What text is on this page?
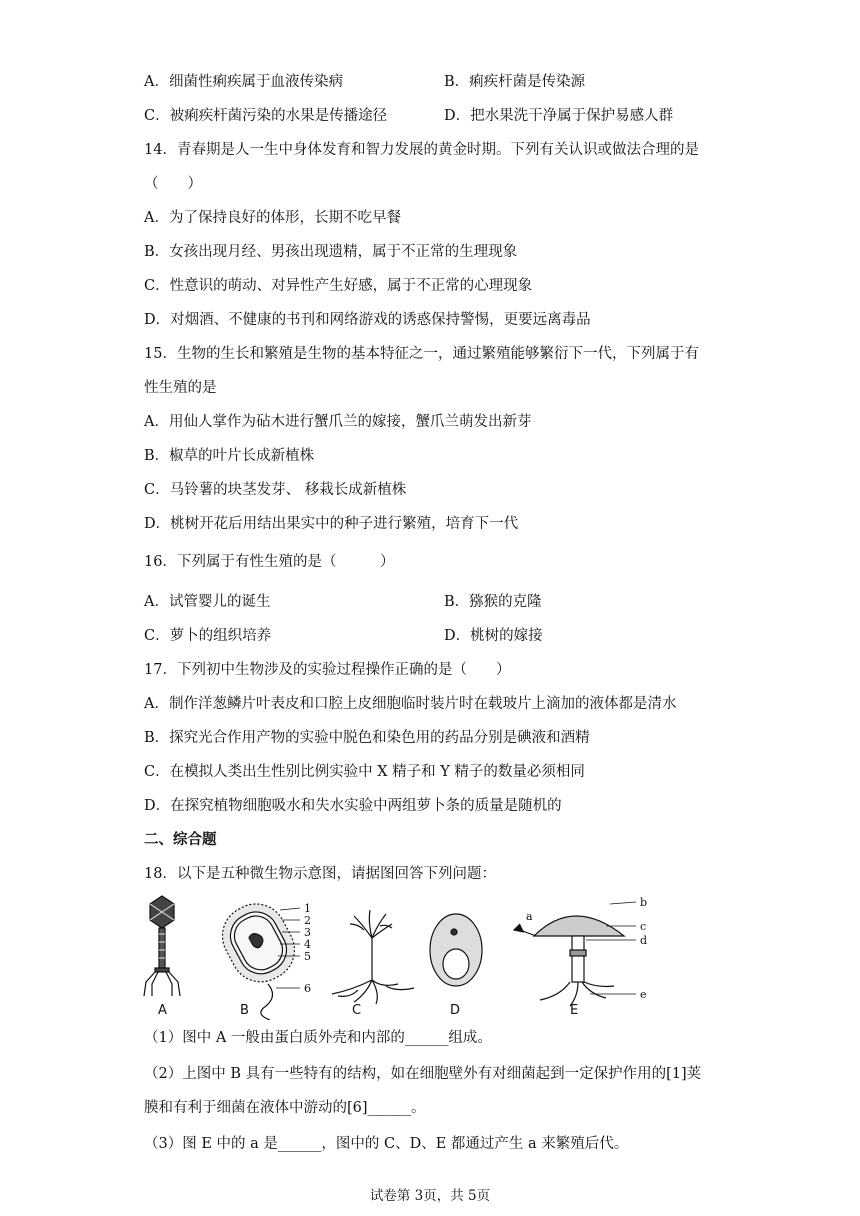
A．细菌性痢疾属于血液传染病	B．痢疾杆菌是传染源
C．被痢疾杆菌污染的水果是传播途径	D．把水果洗干净属于保护易感人群
14．青春期是人一生中身体发育和智力发展的黄金时期。下列有关认识或做法合理的是
（　　）
A．为了保持良好的体形，长期不吃早餐
B．女孩出现月经、男孩出现遗精，属于不正常的生理现象
C．性意识的萌动、对异性产生好感，属于不正常的心理现象
D．对烟酒、不健康的书刊和网络游戏的诱惑保持警惕，更要远离毒品
15．生物的生长和繁殖是生物的基本特征之一，通过繁殖能够繁衍下一代，下列属于有
性生殖的是
A．用仙人掌作为砧木进行蟹爪兰的嫁接，蟹爪兰萌发出新芽
B．椒草的叶片长成新植株
C．马铃薯的块茎发芽、 移栽长成新植株
D．桃树开花后用结出果实中的种子进行繁殖，培育下一代
16．下列属于有性生殖的是（　　　）
A．试管婴儿的诞生	B．猕猴的克隆
C．萝卜的组织培养	D．桃树的嫁接
17．下列初中生物涉及的实验过程操作正确的是（　　）
A．制作洋葱鳞片叶表皮和口腔上皮细胞临时装片时在载玻片上滴加的液体都是清水
B．探究光合作用产物的实验中脱色和染色用的药品分别是碘液和酒精
C．在模拟人类出生性别比例实验中 X 精子和 Y 精子的数量必须相同
D．在探究植物细胞吸水和失水实验中两组萝卜条的质量是随机的
二、综合题
18．以下是五种微生物示意图，请据图回答下列问题：
1
2
3
4
5
6
a
b
c
d
e
A	B	C	D	E
（1）图中 A 一般由蛋白质外壳和内部的______组成。
（2）上图中 B 具有一些特有的结构，如在细胞壁外有对细菌起到一定保护作用的[1]荚
膜和有利于细菌在液体中游动的[6]______。
（3）图 E 中的 a 是______，图中的 C、D、E 都通过产生 a 来繁殖后代。
试卷第 3页，共 5页
